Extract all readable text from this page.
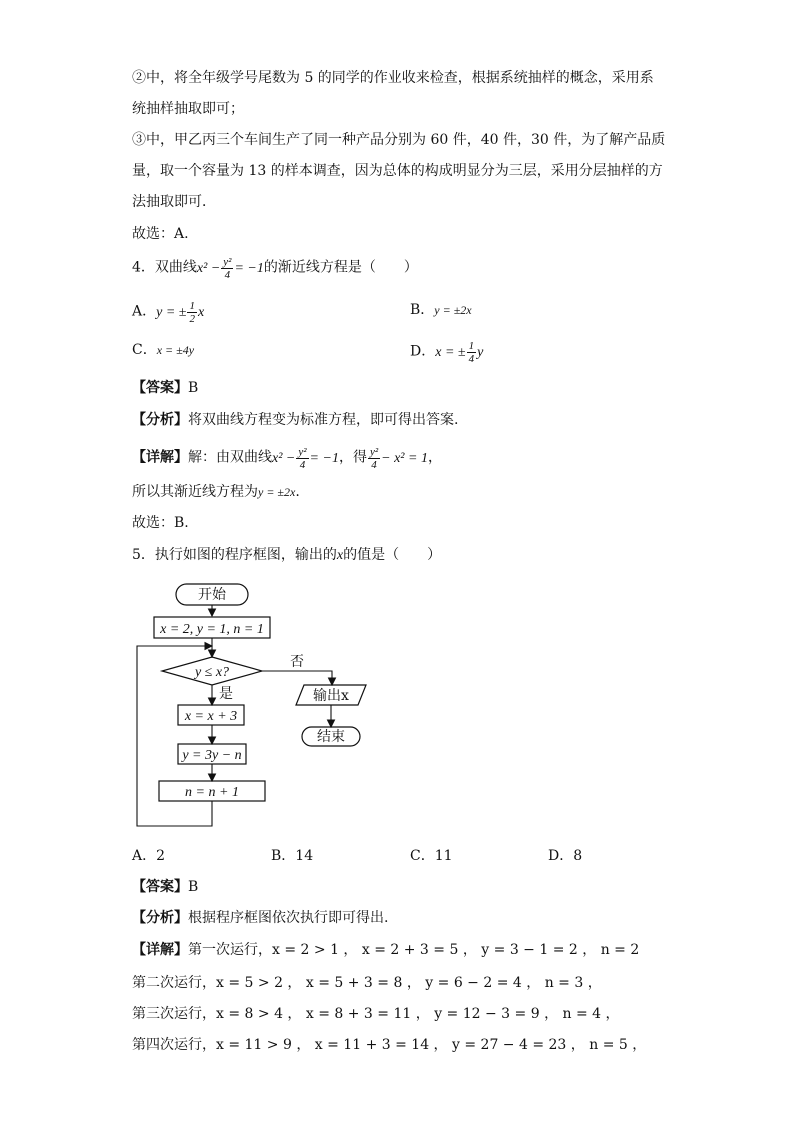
②中，将全年级学号尾数为 5 的同学的作业收来检查，根据系统抽样的概念，采用系
统抽样抽取即可；
③中，甲乙丙三个车间生产了同一种产品分别为 60 件，40 件，30 件，为了解产品质
量，取一个容量为 13 的样本调查，因为总体的构成明显分为三层，采用分层抽样的方
法抽取即可．
故选：A.
4．双曲线$x^2 - \frac{\text{y²}}{4} = -1$的渐近线方程是（　　）
A．y = ± $\frac{1}{2}$ x	B．y = ±2x
C．x = ±4y	D．x = ± $\frac{1}{4}$ y
【答案】B
【分析】将双曲线方程变为标准方程，即可得出答案.
【详解】解：由双曲线$x^2 - \frac{\text{y²}}{4} = -1$，得 $\frac{\text{y²}}{4} - x^2 = 1$，
所以其渐近线方程为y = ±2x.
故选：B.
5．执行如图的程序框图，输出的x的值是（　　）
开始
x = 2, y = 1, n = 1
y ≤ x?
否
输出x
结束
是
x = x + 3
y = 3y − n
n = n + 1
A．2	B．14	C．11	D．8
【答案】B
【分析】根据程序框图依次执行即可得出.
【详解】第一次运行，x = 2 > 1 ， x = 2 + 3 = 5 ， y = 3 − 1 = 2 ， n = 2
第二次运行，x = 5 > 2 ， x = 5 + 3 = 8 ， y = 6 − 2 = 4 ， n = 3 ，
第三次运行，x = 8 > 4 ， x = 8 + 3 = 11 ， y = 12 − 3 = 9 ， n = 4 ，
第四次运行，x = 11 > 9 ， x = 11 + 3 = 14 ， y = 27 − 4 = 23 ， n = 5 ，
